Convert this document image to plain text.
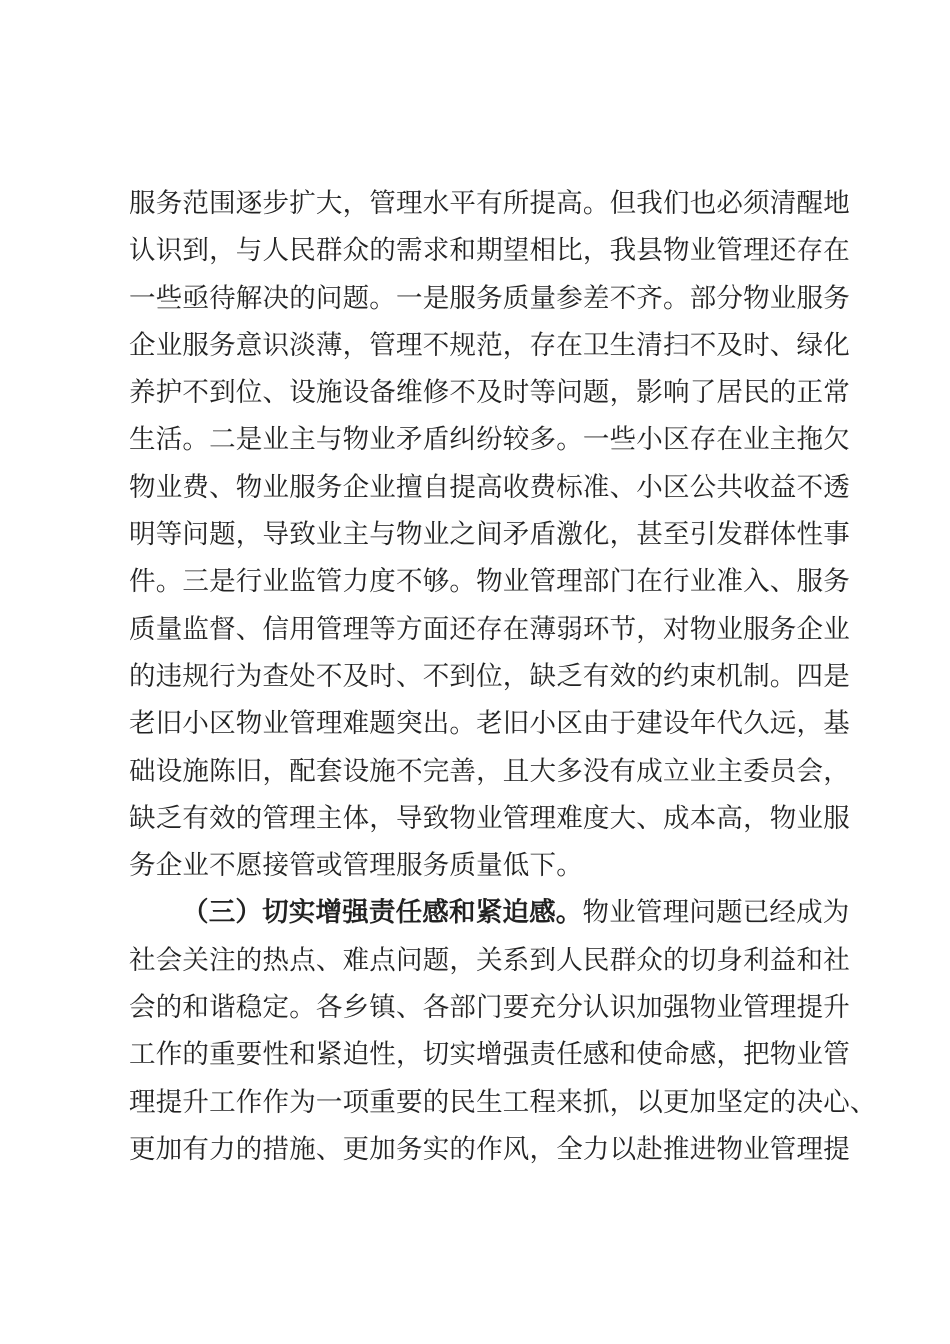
服务范围逐步扩大，管理水平有所提高。但我们也必须清醒地
认识到，与人民群众的需求和期望相比，我县物业管理还存在
一些亟待解决的问题。一是服务质量参差不齐。部分物业服务
企业服务意识淡薄，管理不规范，存在卫生清扫不及时、绿化
养护不到位、设施设备维修不及时等问题，影响了居民的正常
生活。二是业主与物业矛盾纠纷较多。一些小区存在业主拖欠
物业费、物业服务企业擅自提高收费标准、小区公共收益不透
明等问题，导致业主与物业之间矛盾激化，甚至引发群体性事
件。三是行业监管力度不够。物业管理部门在行业准入、服务
质量监督、信用管理等方面还存在薄弱环节，对物业服务企业
的违规行为查处不及时、不到位，缺乏有效的约束机制。四是
老旧小区物业管理难题突出。老旧小区由于建设年代久远，基
础设施陈旧，配套设施不完善，且大多没有成立业主委员会，
缺乏有效的管理主体，导致物业管理难度大、成本高，物业服
务企业不愿接管或管理服务质量低下。
（三）切实增强责任感和紧迫感。物业管理问题已经成为
社会关注的热点、难点问题，关系到人民群众的切身利益和社
会的和谐稳定。各乡镇、各部门要充分认识加强物业管理提升
工作的重要性和紧迫性，切实增强责任感和使命感，把物业管
理提升工作作为一项重要的民生工程来抓，以更加坚定的决心、
更加有力的措施、更加务实的作风，全力以赴推进物业管理提
